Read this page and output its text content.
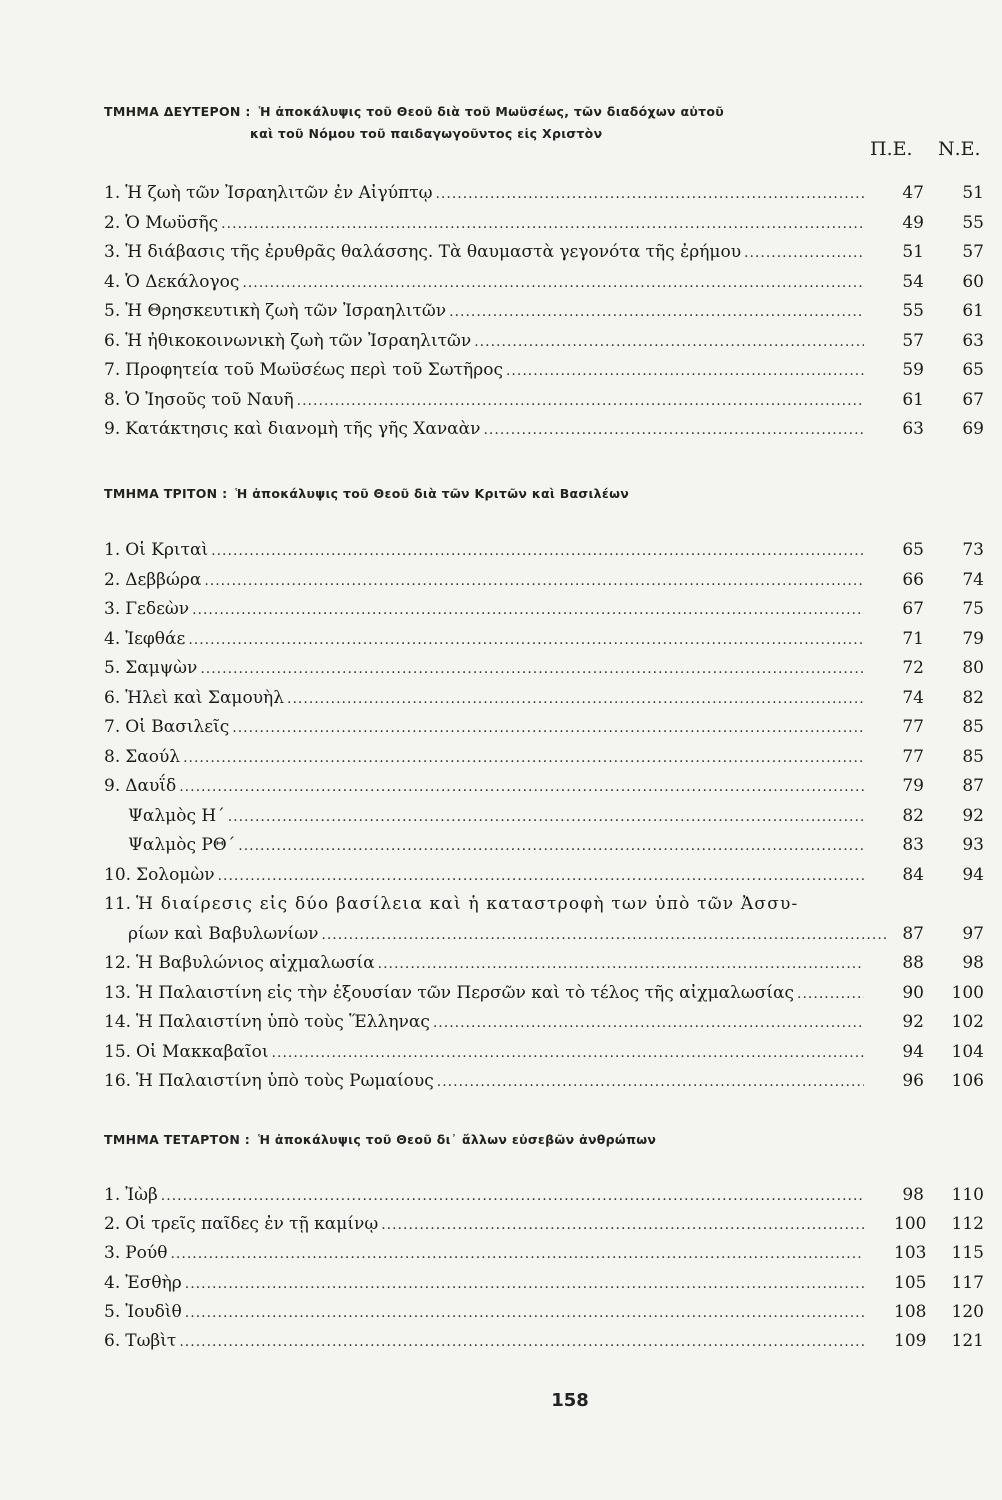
ΤΜΗΜΑ ΔΕΥΤΕΡΟΝ : Ἡ ἀποκάλυψις τοῦ Θεοῦ διὰ τοῦ Μωϋσέως, τῶν διαδόχων αὐτοῦ
καὶ τοῦ Νόμου τοῦ παιδαγωγοῦντος εἰς Χριστὸν
Π.Ε. Ν.Ε.
1. Ἡ ζωὴ τῶν Ἰσραηλιτῶν ἐν Αἰγύπτῳ .....	47	51
2. Ὁ Μωϋσῆς .....	49	55
3. Ἡ διάβασις τῆς ἐρυθρᾶς θαλάσσης. Τὰ θαυμαστὰ γεγονότα τῆς ἐρήμου .....	51	57
4. Ὁ Δεκάλογος .....	54	60
5. Ἡ Θρησκευτικὴ ζωὴ τῶν Ἰσραηλιτῶν .....	55	61
6. Ἡ ἠθικοκοινωνικὴ ζωὴ τῶν Ἰσραηλιτῶν .....	57	63
7. Προφητεία τοῦ Μωϋσέως περὶ τοῦ Σωτῆρος .....	59	65
8. Ὁ Ἰησοῦς τοῦ Ναυῆ .....	61	67
9. Κατάκτησις καὶ διανομὴ τῆς γῆς Χαναὰν .....	63	69
ΤΜΗΜΑ ΤΡΙΤΟΝ : Ἡ ἀποκάλυψις τοῦ Θεοῦ διὰ τῶν Κριτῶν καὶ Βασιλέων
1. Οἱ Κριταὶ .....	65	73
2. Δεββώρα .....	66	74
3. Γεδεὼν .....	67	75
4. Ἰεφθάε .....	71	79
5. Σαμψὼν .....	72	80
6. Ἡλεὶ καὶ Σαμουὴλ .....	74	82
7. Οἱ Βασιλεῖς .....	77	85
8. Σαούλ .....	77	85
9. Δαυΐδ .....	79	87
Ψαλμὸς Η΄ .....	82	92
Ψαλμὸς ΡΘ΄ .....	83	93
10. Σολομὼν .....	84	94
11. Ἡ διαίρεσις εἰς δύο βασίλεια καὶ ἡ καταστροφὴ των ὑπὸ τῶν Ἀσσυ-
ρίων καὶ Βαβυλωνίων .....	87	97
12. Ἡ Βαβυλώνιος αἰχμαλωσία .....	88	98
13. Ἡ Παλαιστίνη εἰς τὴν ἐξουσίαν τῶν Περσῶν καὶ τὸ τέλος τῆς αἰχμαλωσίας .....	90	100
14. Ἡ Παλαιστίνη ὑπὸ τοὺς Ἕλληνας .....	92	102
15. Οἱ Μακκαβαῖοι .....	94	104
16. Ἡ Παλαιστίνη ὑπὸ τοὺς Ρωμαίους .....	96	106
ΤΜΗΜΑ ΤΕΤΑΡΤΟΝ : Ἡ ἀποκάλυψις τοῦ Θεοῦ δι᾽ ἄλλων εὐσεβῶν ἀνθρώπων
1. Ἰὼβ .....	98	110
2. Οἱ τρεῖς παῖδες ἐν τῇ καμίνῳ .....	100	112
3. Ρούθ .....	103	115
4. Ἐσθὴρ .....	105	117
5. Ἰουδὶθ .....	108	120
6. Τωβὶτ .....	109	121
158
